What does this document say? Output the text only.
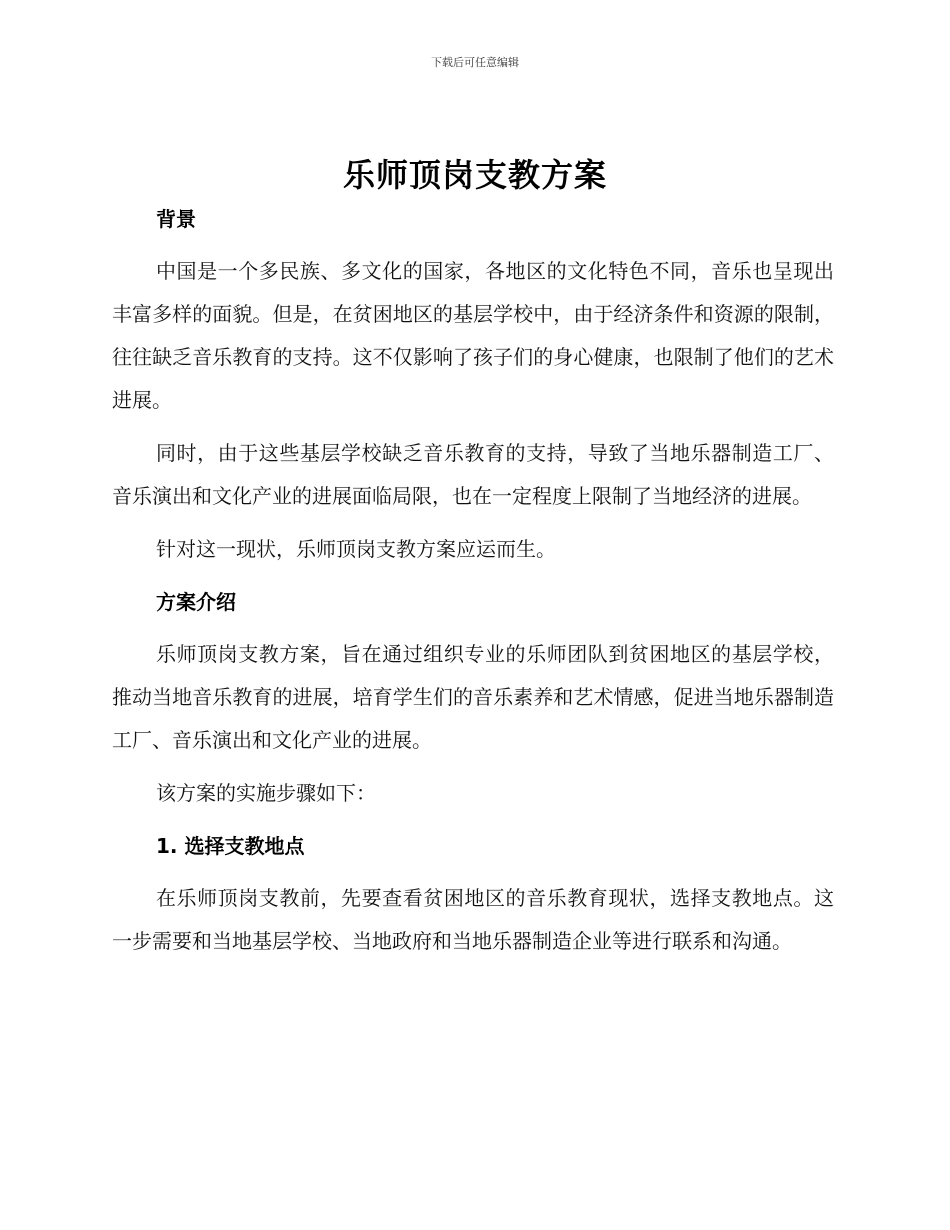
下载后可任意编辑
乐师顶岗支教方案
背景

中国是一个多民族、多文化的国家，各地区的文化特色不同，音乐也呈现出丰富多样的面貌。但是，在贫困地区的基层学校中，由于经济条件和资源的限制，往往缺乏音乐教育的支持。这不仅影响了孩子们的身心健康，也限制了他们的艺术进展。

同时，由于这些基层学校缺乏音乐教育的支持，导致了当地乐器制造工厂、音乐演出和文化产业的进展面临局限，也在一定程度上限制了当地经济的进展。

针对这一现状，乐师顶岗支教方案应运而生。

方案介绍

乐师顶岗支教方案，旨在通过组织专业的乐师团队到贫困地区的基层学校，推动当地音乐教育的进展，培育学生们的音乐素养和艺术情感，促进当地乐器制造工厂、音乐演出和文化产业的进展。

该方案的实施步骤如下：

1. 选择支教地点

在乐师顶岗支教前，先要查看贫困地区的音乐教育现状，选择支教地点。这一步需要和当地基层学校、当地政府和当地乐器制造企业等进行联系和沟通。
